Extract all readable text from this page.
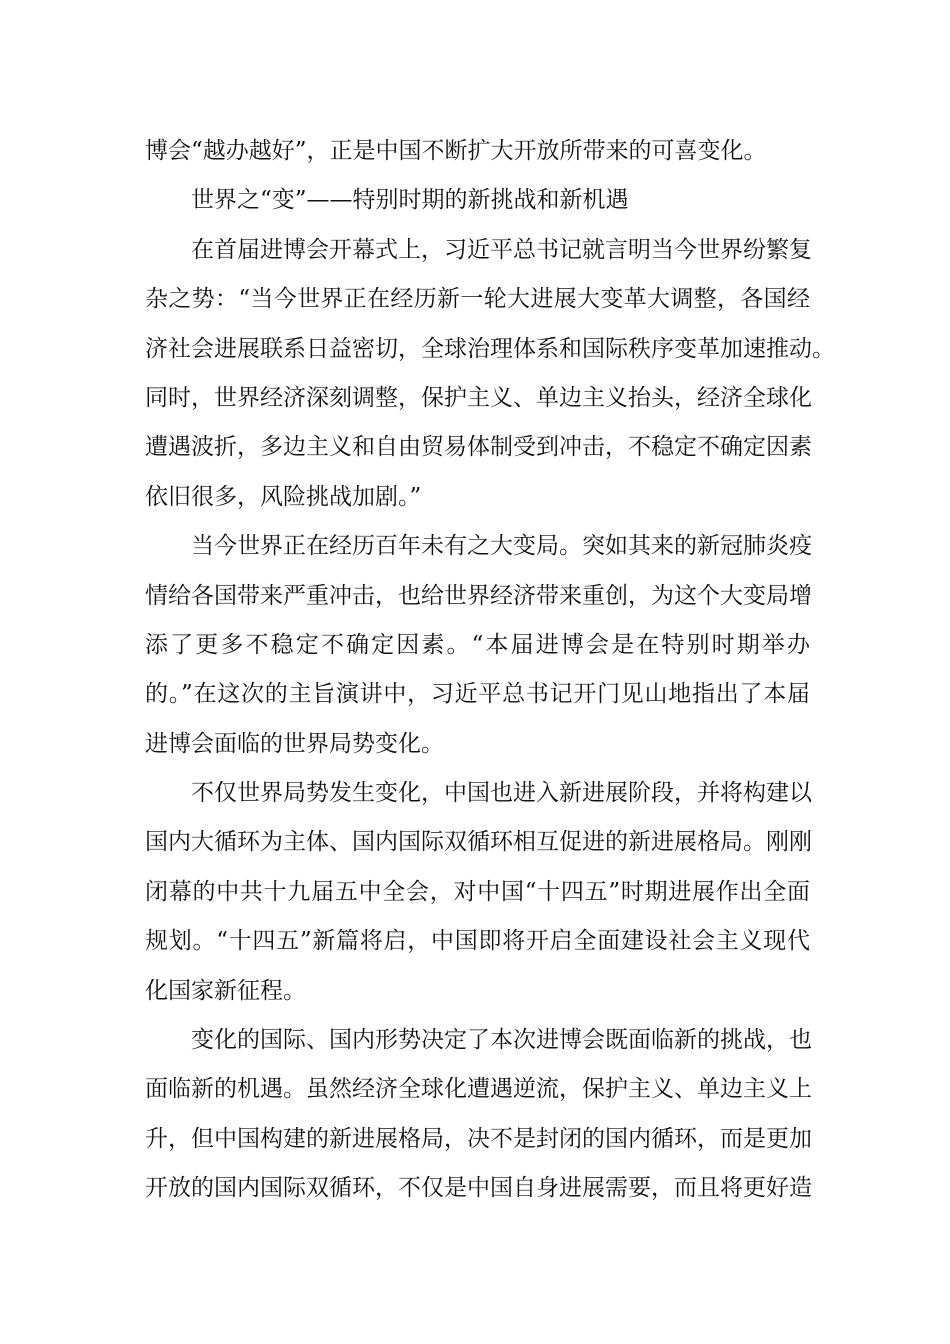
博会“越办越好”，正是中国不断扩大开放所带来的可喜变化。

世界之“变”——特别时期的新挑战和新机遇

在首届进博会开幕式上，习近平总书记就言明当今世界纷繁复
杂之势：“当今世界正在经历新一轮大进展大变革大调整，各国经
济社会进展联系日益密切，全球治理体系和国际秩序变革加速推动。
同时，世界经济深刻调整，保护主义、单边主义抬头，经济全球化
遭遇波折，多边主义和自由贸易体制受到冲击，不稳定不确定因素
依旧很多，风险挑战加剧。”

当今世界正在经历百年未有之大变局。突如其来的新冠肺炎疫
情给各国带来严重冲击，也给世界经济带来重创，为这个大变局增
添了更多不稳定不确定因素。“本届进博会是在特别时期举办
的。”在这次的主旨演讲中，习近平总书记开门见山地指出了本届
进博会面临的世界局势变化。

不仅世界局势发生变化，中国也进入新进展阶段，并将构建以
国内大循环为主体、国内国际双循环相互促进的新进展格局。刚刚
闭幕的中共十九届五中全会，对中国“十四五”时期进展作出全面
规划。“十四五”新篇将启，中国即将开启全面建设社会主义现代
化国家新征程。

变化的国际、国内形势决定了本次进博会既面临新的挑战，也
面临新的机遇。虽然经济全球化遭遇逆流，保护主义、单边主义上
升，但中国构建的新进展格局，决不是封闭的国内循环，而是更加
开放的国内国际双循环，不仅是中国自身进展需要，而且将更好造
